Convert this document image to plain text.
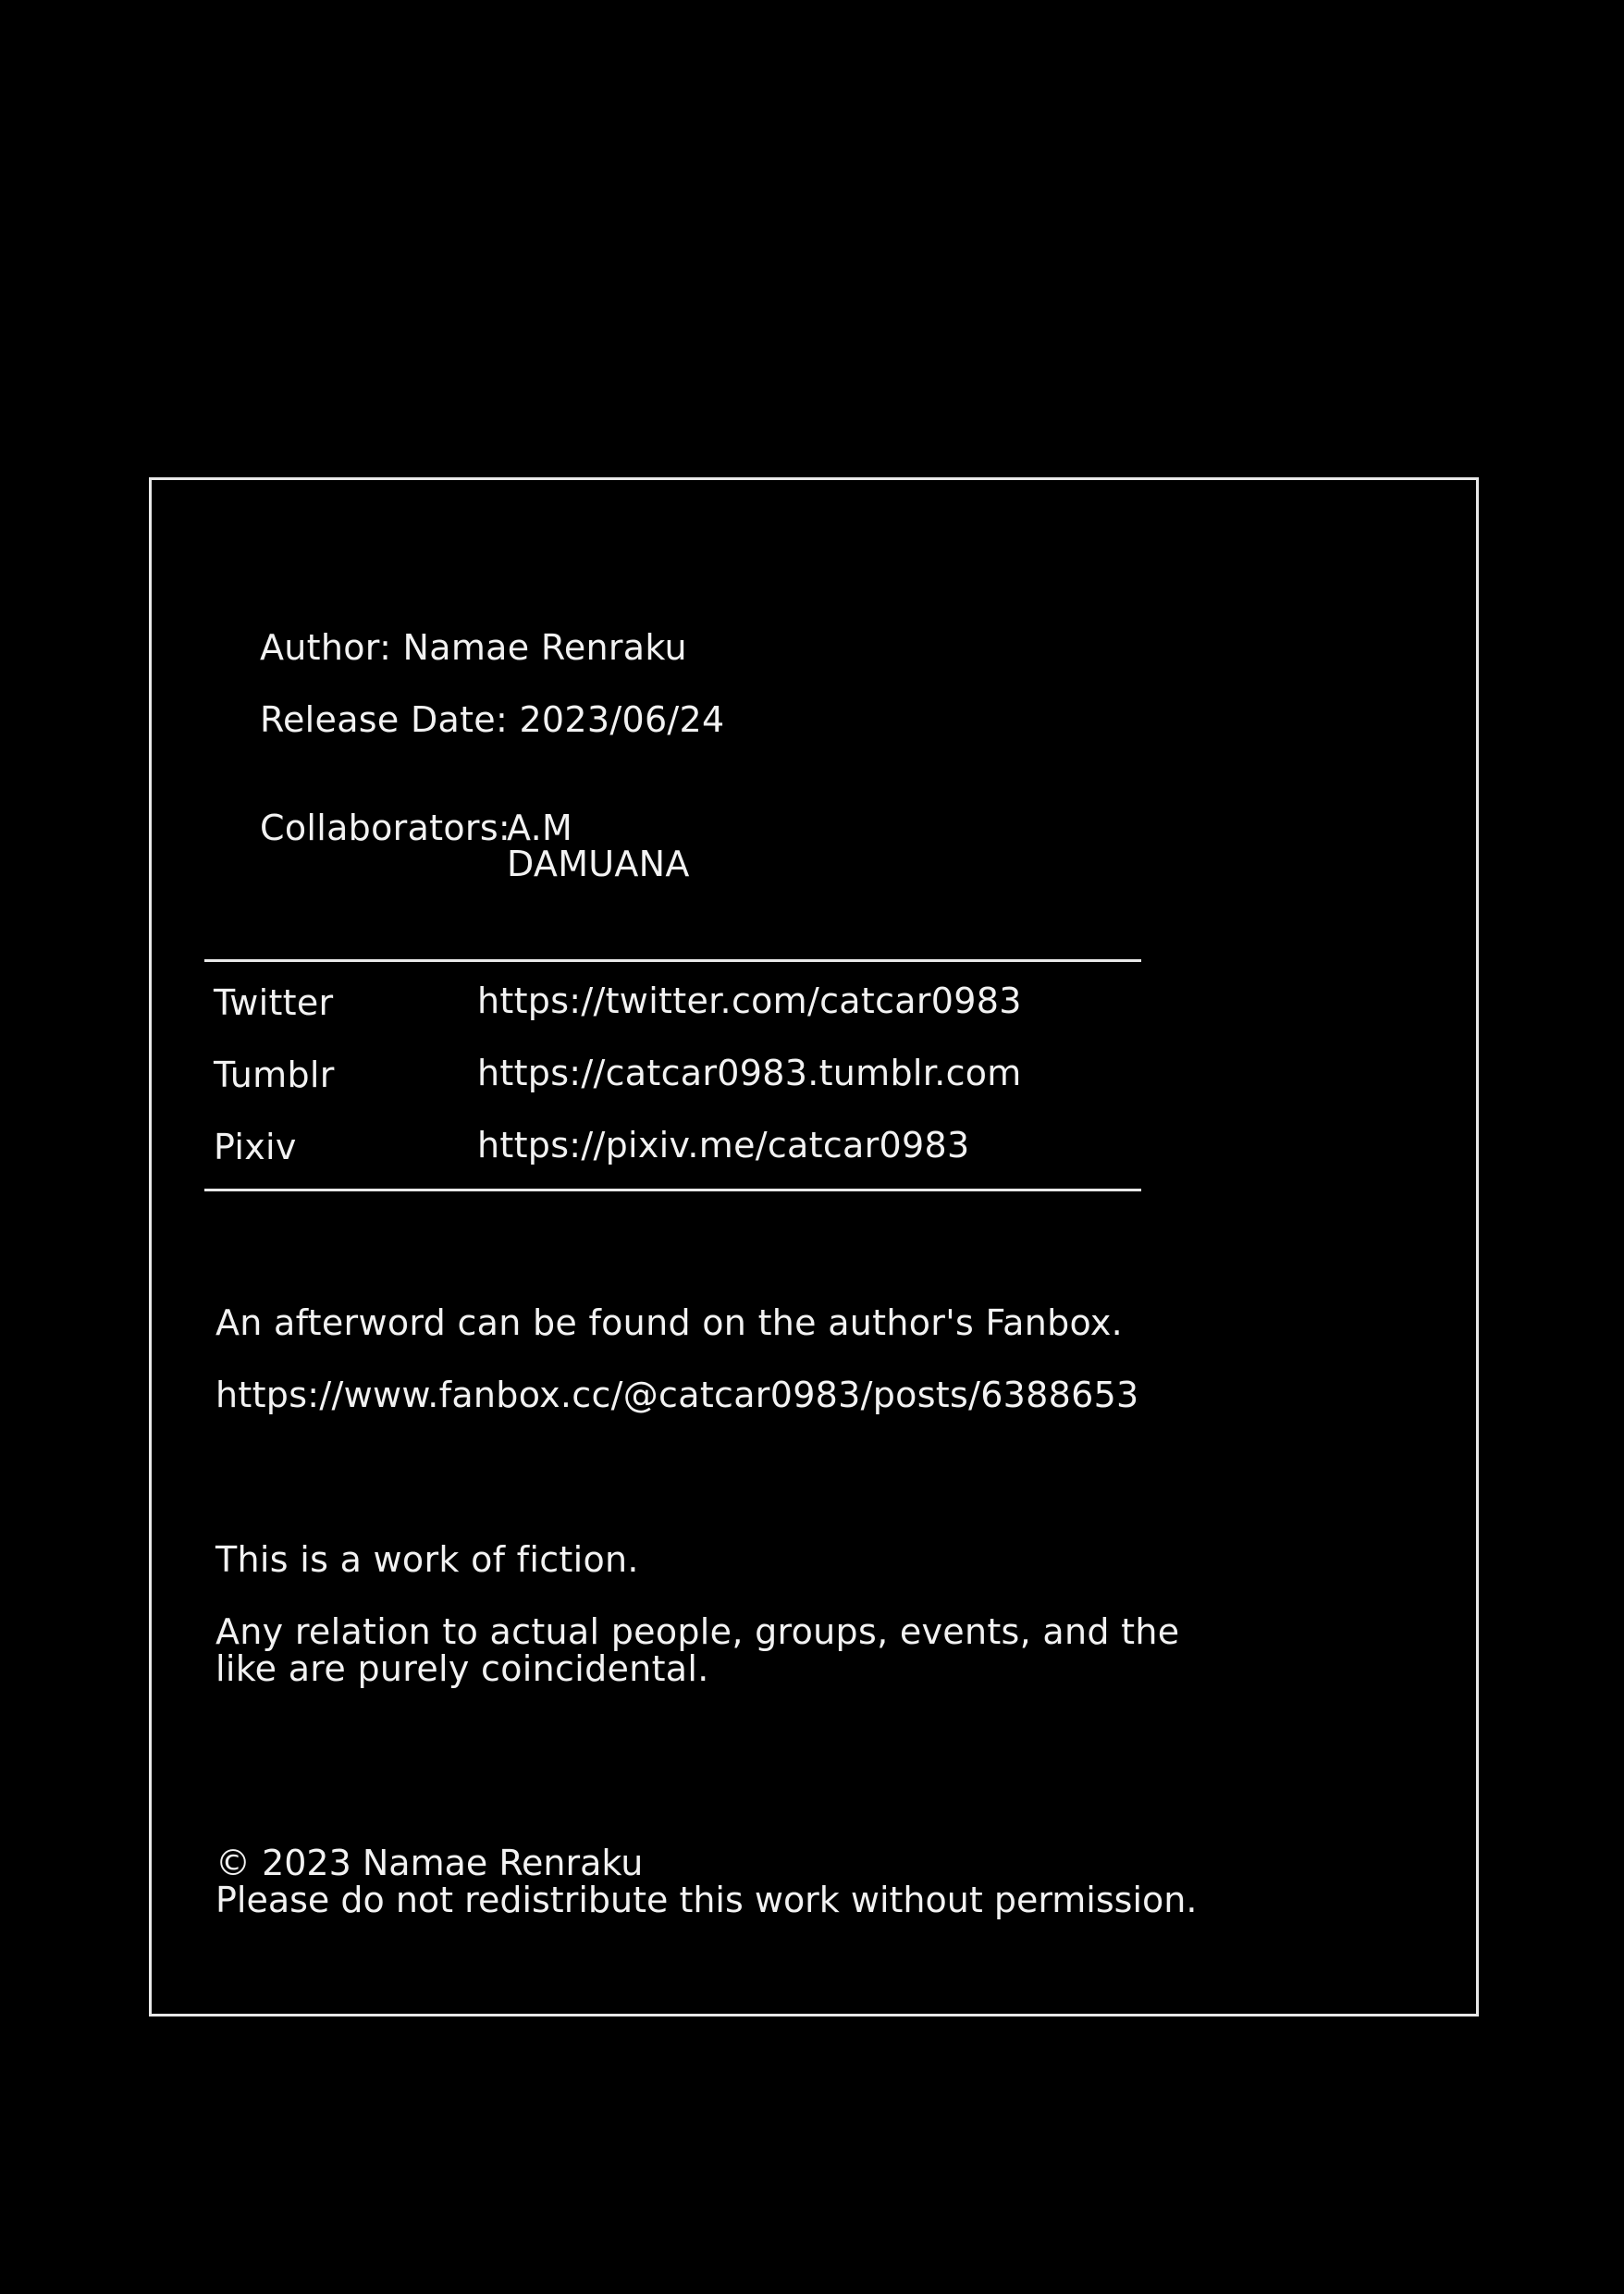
Author: Namae Renraku
Release Date: 2023/06/24
Collaborators:
A.M
DAMUANA
Twitter	https://twitter.com/catcar0983
Tumblr	https://catcar0983.tumblr.com
Pixiv	https://pixiv.me/catcar0983
An afterword can be found on the author's Fanbox.
https://www.fanbox.cc/@catcar0983/posts/6388653
This is a work of fiction.
Any relation to actual people, groups, events, and the like are purely coincidental.
© 2023 Namae Renraku
Please do not redistribute this work without permission.
